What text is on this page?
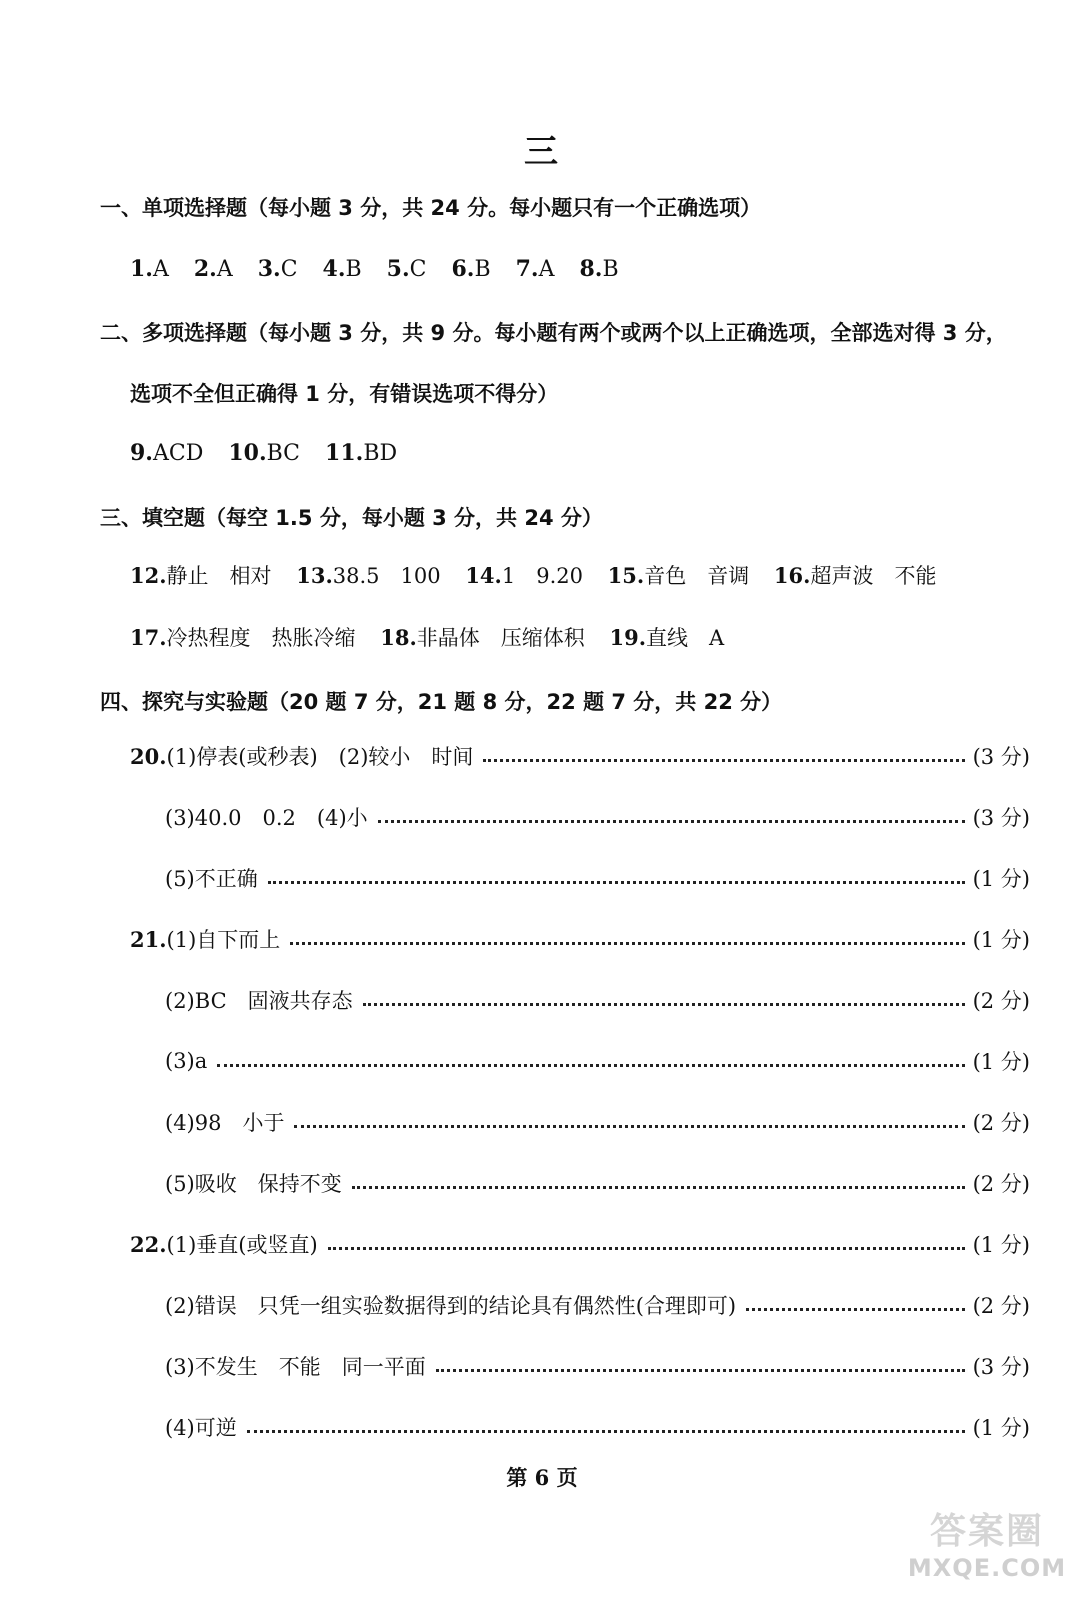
三
一、单项选择题（每小题 3 分，共 24 分。每小题只有一个正确选项）
1.A 2.A 3.C 4.B 5.C 6.B 7.A 8.B
二、多项选择题（每小题 3 分，共 9 分。每小题有两个或两个以上正确选项，全部选对得 3 分，
选项不全但正确得 1 分，有错误选项不得分）
9.ACD 10.BC 11.BD
三、填空题（每空 1.5 分，每小题 3 分，共 24 分）
12.静止　相对 13.38.5　100 14.1　9.20 15.音色　音调 16.超声波　不能
17.冷热程度　热胀冷缩 18.非晶体　压缩体积 19.直线　A
四、探究与实验题（20 题 7 分，21 题 8 分，22 题 7 分，共 22 分）
20.(1)停表(或秒表)　(2)较小　时间	(3 分)
(3)40.0　0.2　(4)小	(3 分)
(5)不正确	(1 分)
21.(1)自下而上	(1 分)
(2)BC　固液共存态	(2 分)
(3)a	(1 分)
(4)98　小于	(2 分)
(5)吸收　保持不变	(2 分)
22.(1)垂直(或竖直)	(1 分)
(2)错误　只凭一组实验数据得到的结论具有偶然性(合理即可)	(2 分)
(3)不发生　不能　同一平面	(3 分)
(4)可逆	(1 分)
第 6 页
答案圈
MXQE.COM
